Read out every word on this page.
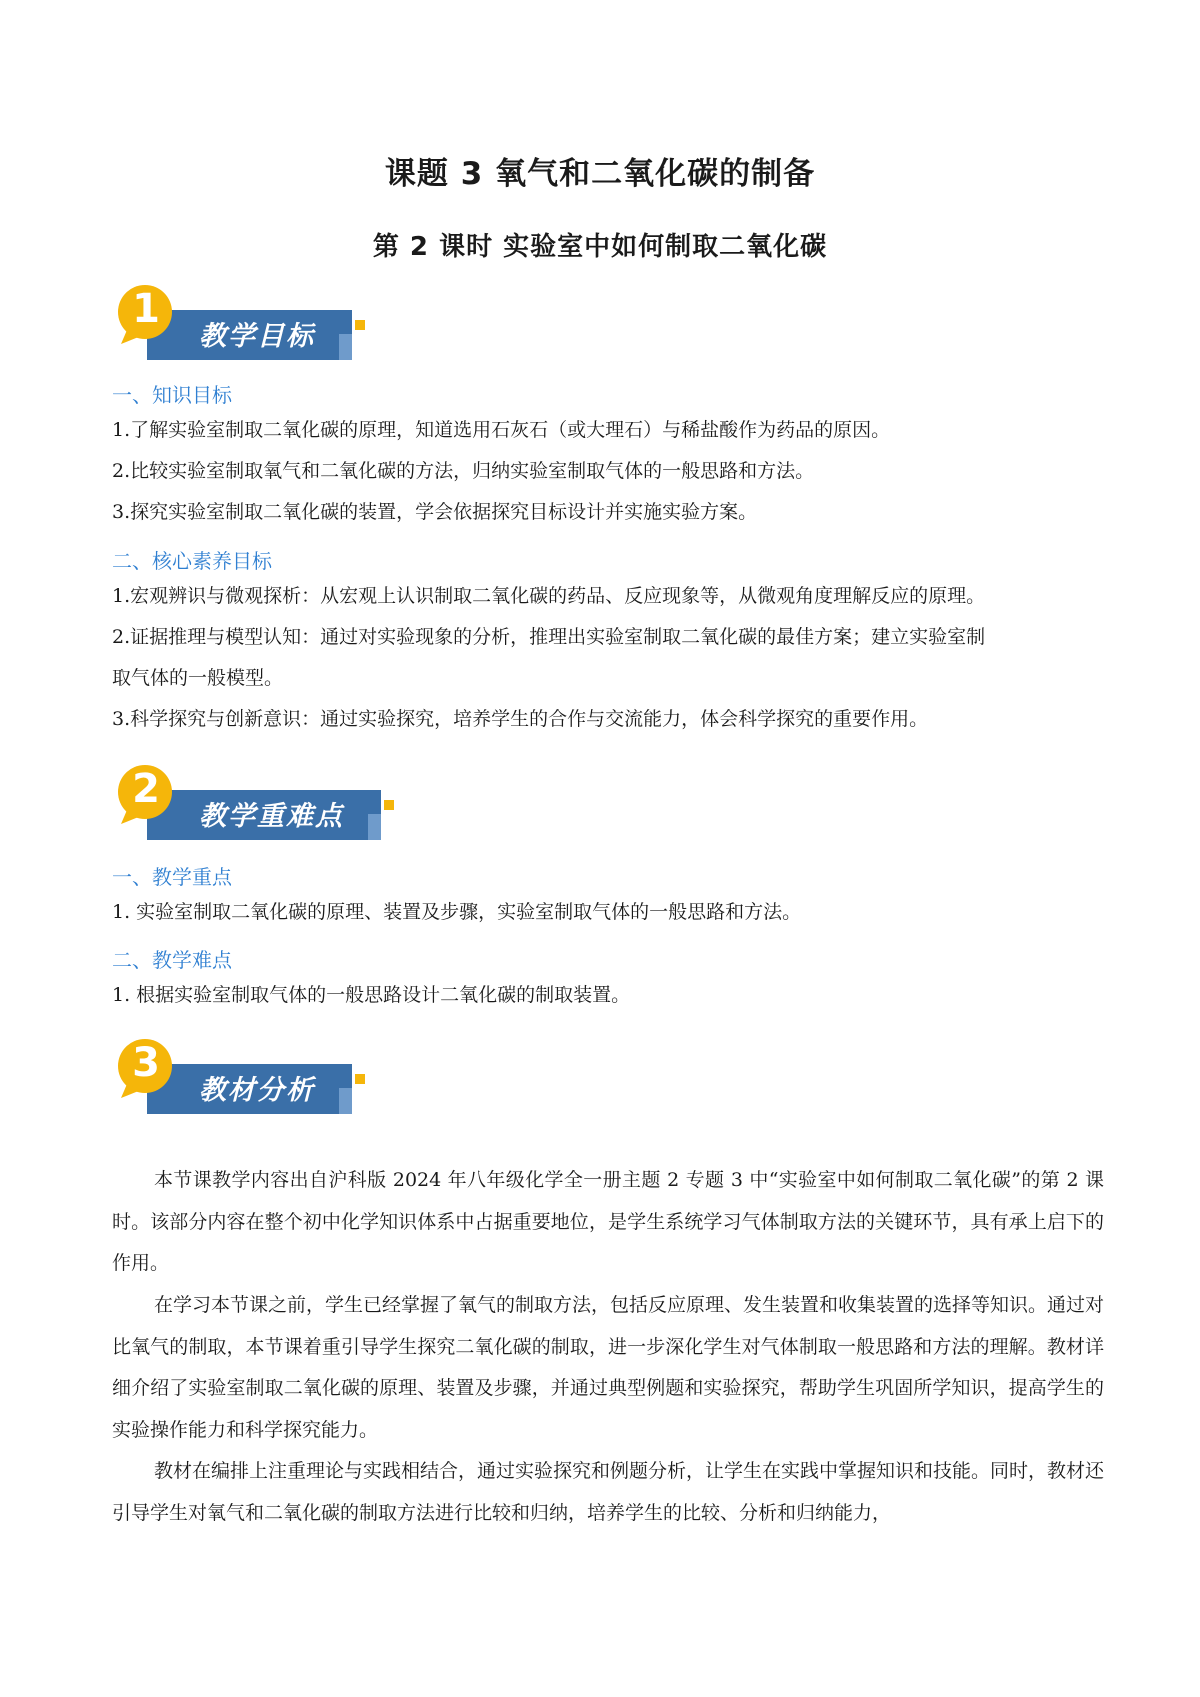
课题 3 氧气和二氧化碳的制备
第 2 课时 实验室中如何制取二氧化碳
1
教学目标
一、知识目标
1.了解实验室制取二氧化碳的原理，知道选用石灰石（或大理石）与稀盐酸作为药品的原因。
2.比较实验室制取氧气和二氧化碳的方法，归纳实验室制取气体的一般思路和方法。
3.探究实验室制取二氧化碳的装置，学会依据探究目标设计并实施实验方案。
二、核心素养目标
1.宏观辨识与微观探析：从宏观上认识制取二氧化碳的药品、反应现象等，从微观角度理解反应的原理。
2.证据推理与模型认知：通过对实验现象的分析，推理出实验室制取二氧化碳的最佳方案；建立实验室制
取气体的一般模型。
3.科学探究与创新意识：通过实验探究，培养学生的合作与交流能力，体会科学探究的重要作用。
2
教学重难点
一、教学重点
1. 实验室制取二氧化碳的原理、装置及步骤，实验室制取气体的一般思路和方法。
二、教学难点
1. 根据实验室制取气体的一般思路设计二氧化碳的制取装置。
3
教材分析
本节课教学内容出自沪科版 2024 年八年级化学全一册主题 2 专题 3 中“实验室中如何制取二氧化碳”的第 2 课时。该部分内容在整个初中化学知识体系中占据重要地位，是学生系统学习气体制取方法的关键环节，具有承上启下的作用。
在学习本节课之前，学生已经掌握了氧气的制取方法，包括反应原理、发生装置和收集装置的选择等知识。通过对比氧气的制取，本节课着重引导学生探究二氧化碳的制取，进一步深化学生对气体制取一般思路和方法的理解。教材详细介绍了实验室制取二氧化碳的原理、装置及步骤，并通过典型例题和实验探究，帮助学生巩固所学知识，提高学生的实验操作能力和科学探究能力。
教材在编排上注重理论与实践相结合，通过实验探究和例题分析，让学生在实践中掌握知识和技能。同时，教材还引导学生对氧气和二氧化碳的制取方法进行比较和归纳，培养学生的比较、分析和归纳能力，
